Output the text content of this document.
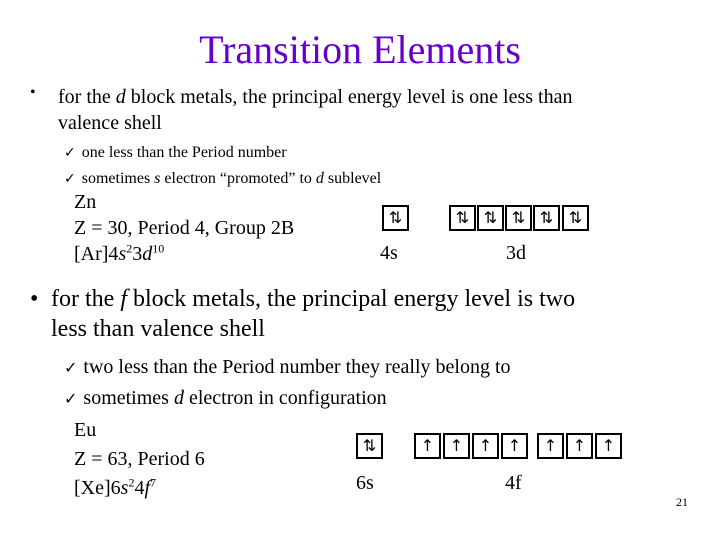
Transition Elements
• for the d block metals, the principal energy level is one less than
valence shell
✓ one less than the Period number
✓ sometimes s electron “promoted” to d sublevel
Zn
Z = 30, Period 4, Group 2B
$[Ar]4s^23d^{10}$
⇅	⇅ ⇅ ⇅ ⇅ ⇅
4s	3d
• for the f block metals, the principal energy level is two
less than valence shell
✓ two less than the Period number they really belong to
✓ sometimes d electron in configuration
Eu
Z = 63, Period 6
$[Xe]6s^24f^7$
⇅	↑ ↑ ↑ ↑	↑ ↑ ↑
6s	4f
21
